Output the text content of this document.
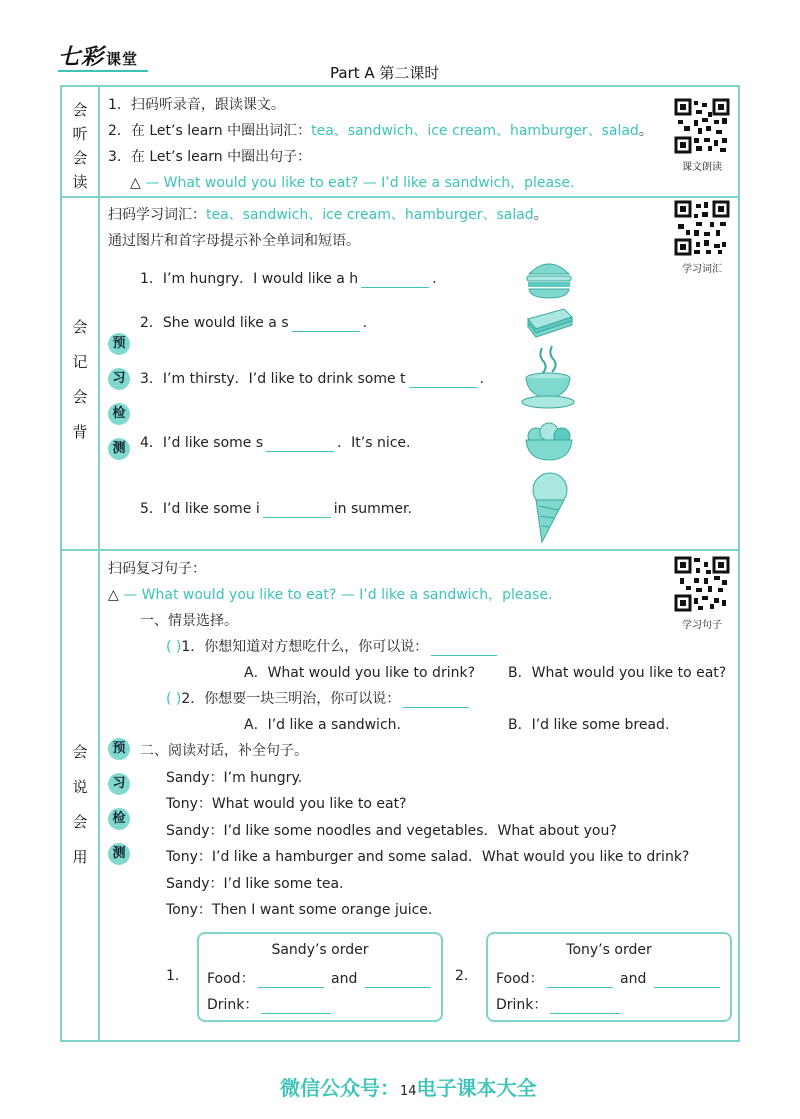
七彩 课堂
Part A 第二课时
会
听
会
读
1．扫码听录音，跟读课文。
2．在 Let’s learn 中圈出词汇：tea、sandwich、ice cream、hamburger、salad。
3．在 Let’s learn 中圈出句子：
△ — What would you like to eat? — I’d like a sandwich，please.
课文朗读
会
记
会
背
预
习
检
测
扫码学习词汇：tea、sandwich、ice cream、hamburger、salad。
通过图片和首字母提示补全单词和短语。
学习词汇
1．I’m hungry．I would like a h	.
2．She would like a s	.
3．I’m thirsty．I’d like to drink some t	.
4．I’d like some s	．It’s nice.
5．I’d like some i	in summer.
会
说
会
用
预
习
检
测
扫码复习句子：
△ — What would you like to eat? — I’d like a sandwich，please.
学习句子
一、情景选择。
( )1．你想知道对方想吃什么，你可以说：
A．What would you like to drink? B．What would you like to eat?
( )2．你想要一块三明治，你可以说：
A．I’d like a sandwich.	B．I’d like some bread.
二、阅读对话，补全句子。
Sandy：I’m hungry.
Tony：What would you like to eat?
Sandy：I’d like some noodles and vegetables．What about you?
Tony：I’d like a hamburger and some salad．What would you like to drink?
Sandy：I’d like some tea.
Tony：Then I want some orange juice.
1.
Sandy’s order
Food：	and
Drink：
2.
Tony’s order
Food：	and
Drink：
微信公众号：14电子课本大全
